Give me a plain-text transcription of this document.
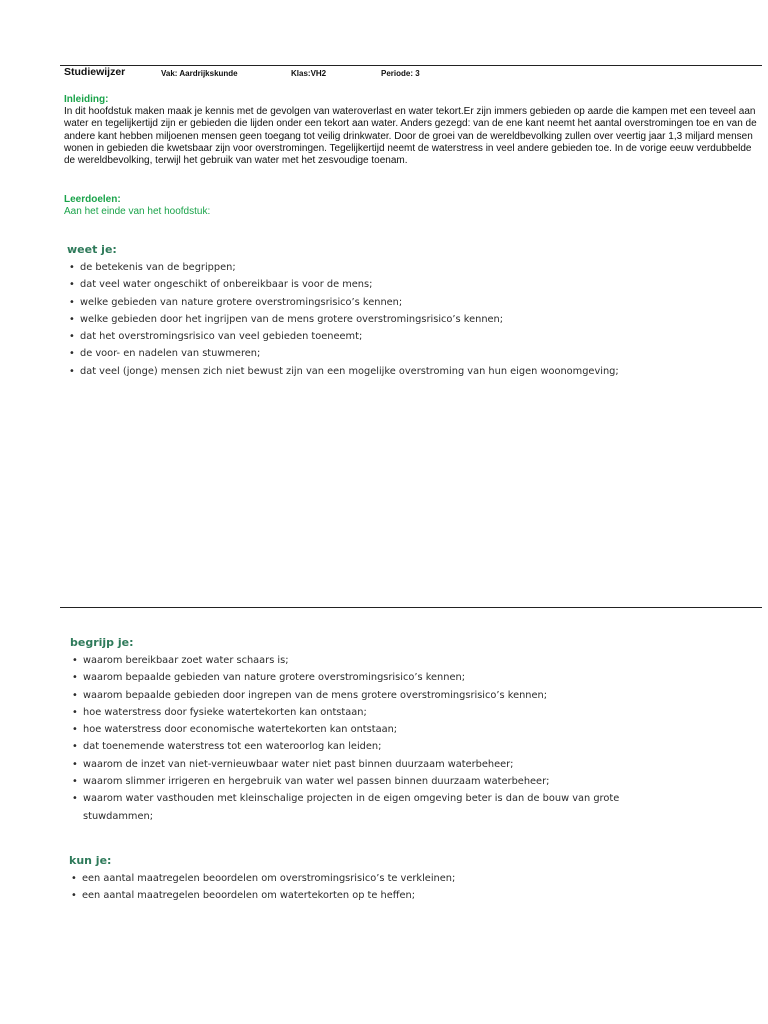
Studiewijzer	Vak: Aardrijkskunde	Klas:VH2	Periode: 3
Inleiding:
In dit hoofdstuk maken maak je kennis met de gevolgen van wateroverlast en water tekort.Er zijn immers gebieden op aarde die kampen met een teveel aan water en tegelijkertijd zijn er gebieden die lijden onder een tekort aan water. Anders gezegd: van de ene kant neemt het aantal overstromingen toe en van de andere kant hebben miljoenen mensen geen toegang tot veilig drinkwater. Door de groei van de wereldbevolking zullen over veertig jaar 1,3 miljard mensen wonen in gebieden die kwetsbaar zijn voor overstromingen. Tegelijkertijd neemt de waterstress in veel andere gebieden toe. In de vorige eeuw verdubbelde de wereldbevolking, terwijl het gebruik van water met het zesvoudige toenam.
Leerdoelen:
Aan het einde van het hoofdstuk:
weet je:
• de betekenis van de begrippen;
• dat veel water ongeschikt of onbereikbaar is voor de mens;
• welke gebieden van nature grotere overstromingsrisico’s kennen;
• welke gebieden door het ingrijpen van de mens grotere overstromingsrisico’s kennen;
• dat het overstromingsrisico van veel gebieden toeneemt;
• de voor- en nadelen van stuwmeren;
• dat veel (jonge) mensen zich niet bewust zijn van een mogelijke overstroming van hun eigen woonomgeving;
begrijp je:
• waarom bereikbaar zoet water schaars is;
• waarom bepaalde gebieden van nature grotere overstromingsrisico’s kennen;
• waarom bepaalde gebieden door ingrepen van de mens grotere overstromingsrisico’s kennen;
• hoe waterstress door fysieke watertekorten kan ontstaan;
• hoe waterstress door economische watertekorten kan ontstaan;
• dat toenemende waterstress tot een wateroorlog kan leiden;
• waarom de inzet van niet-vernieuwbaar water niet past binnen duurzaam waterbeheer;
• waarom slimmer irrigeren en hergebruik van water wel passen binnen duurzaam waterbeheer;
• waarom water vasthouden met kleinschalige projecten in de eigen omgeving beter is dan de bouw van grote stuwdammen;
kun je:
• een aantal maatregelen beoordelen om overstromingsrisico’s te verkleinen;
• een aantal maatregelen beoordelen om watertekorten op te heffen;
